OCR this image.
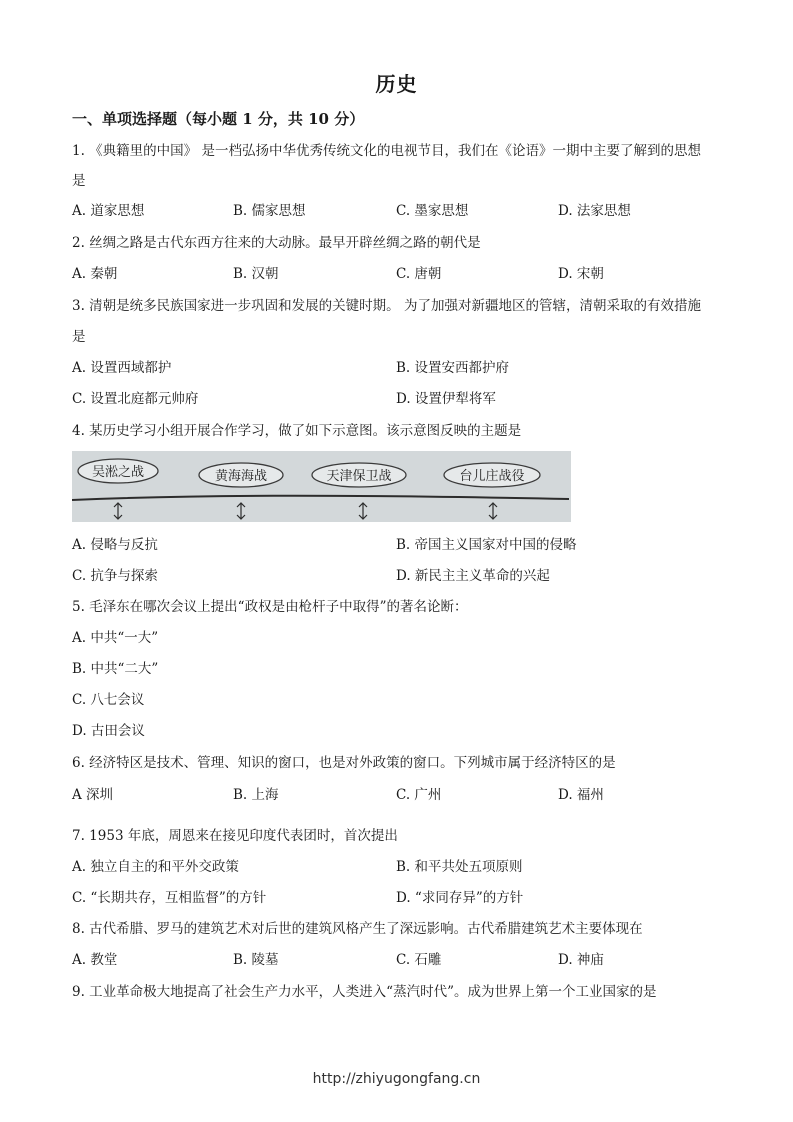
历史
一、单项选择题（每小题 1 分，共 10 分）
1. 《典籍里的中国》 是一档弘扬中华优秀传统文化的电视节目，我们在《论语》一期中主要了解到的思想
是
A. 道家思想	B. 儒家思想	C. 墨家思想	D. 法家思想
2. 丝绸之路是古代东西方往来的大动脉。最早开辟丝绸之路的朝代是
A. 秦朝	B. 汉朝	C. 唐朝	D. 宋朝
3. 清朝是统多民族国家进一步巩固和发展的关键时期。 为了加强对新疆地区的管辖，清朝采取的有效措施
是
A. 设置西域都护	B. 设置安西都护府
C. 设置北庭都元帅府	D. 设置伊犁将军
4. 某历史学习小组开展合作学习，做了如下示意图。该示意图反映的主题是
吴淞之战	黄海海战	天津保卫战	台儿庄战役
A. 侵略与反抗	B. 帝国主义国家对中国的侵略
C. 抗争与探索	D. 新民主主义革命的兴起
5. 毛泽东在哪次会议上提出“政权是由枪杆子中取得”的著名论断：
A. 中共“一大”
B. 中共“二大”
C. 八七会议
D. 古田会议
6. 经济特区是技术、管理、知识的窗口，也是对外政策的窗口。下列城市属于经济特区的是
A 深圳	B. 上海	C. 广州	D. 福州
7. 1953 年底，周恩来在接见印度代表团时，首次提出
A. 独立自主的和平外交政策	B. 和平共处五项原则
C. “长期共存，互相监督”的方针	D. “求同存异”的方针
8. 古代希腊、罗马的建筑艺术对后世的建筑风格产生了深远影响。古代希腊建筑艺术主要体现在
A. 教堂	B. 陵墓	C. 石雕	D. 神庙
9. 工业革命极大地提高了社会生产力水平，人类进入“蒸汽时代”。成为世界上第一个工业国家的是
http://zhiyugongfang.cn
